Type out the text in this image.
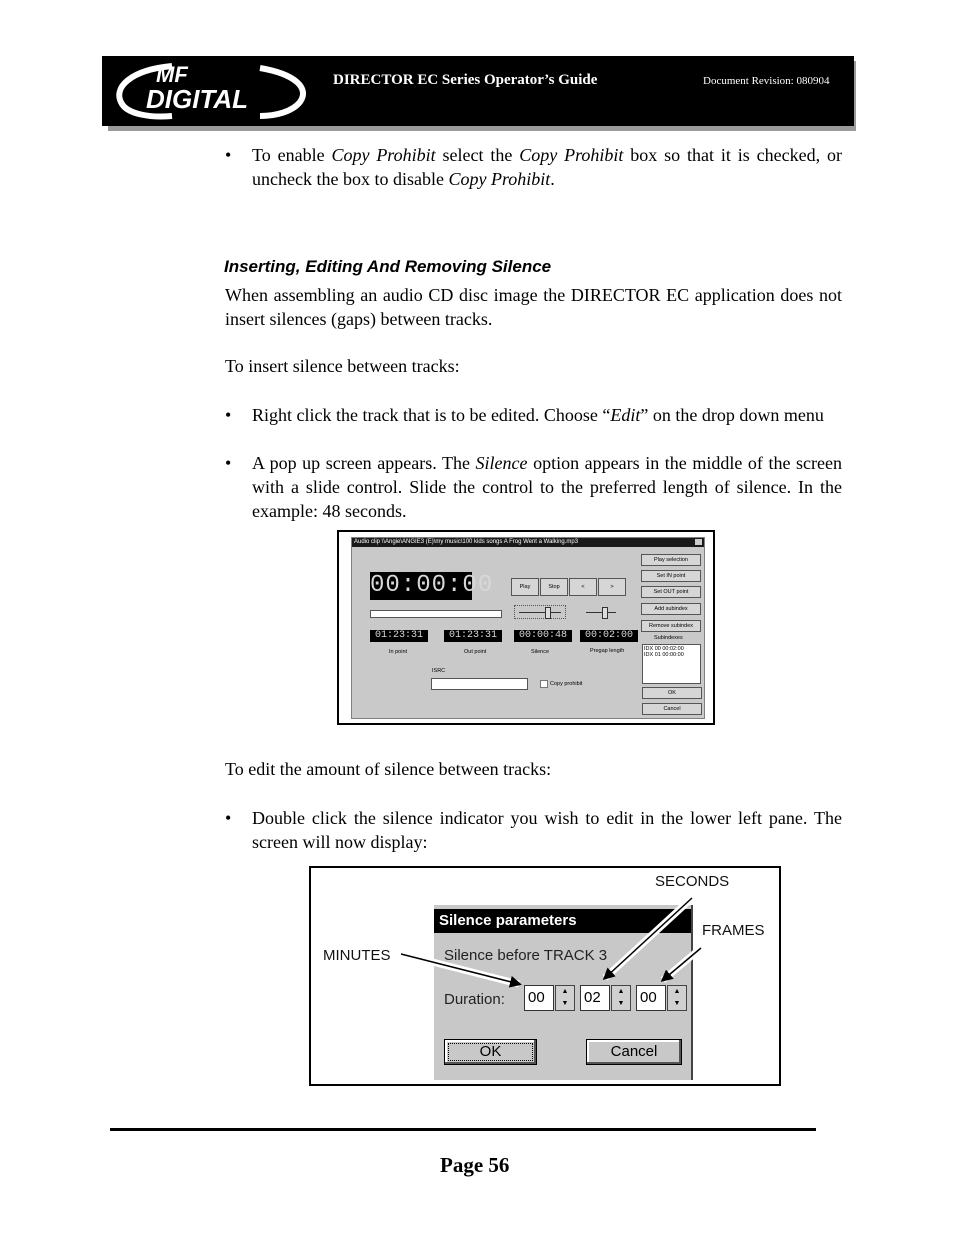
MF
DIGITAL
DIRECTOR EC Series Operator’s Guide	Document Revision: 080904
• To enable Copy Prohibit select the Copy Prohibit box so that it is checked, or uncheck the box to disable Copy Prohibit.
Inserting, Editing And Removing Silence
When assembling an audio CD disc image the DIRECTOR EC application does not insert silences (gaps) between tracks.
To insert silence between tracks:
• Right click the track that is to be edited. Choose “Edit” on the drop down menu
• A pop up screen appears. The Silence option appears in the middle of the screen with a slide control. Slide the control to the preferred length of silence. In the example: 48 seconds.
Audio clip \\Angie\ANGIE3 (E)\my music\100 kids songs A Frog Went a Walking.mp3
00:00:00	Play	Stop	<	>
Play selection
Set IN point
Set OUT point
Add subindex
Remove subindex
Subindexes
IDX 00 00:02:00
IDX 01 00:00:00
01:23:31	01:23:31	00:00:48	00:02:00
In point	Out point	Silence	Pregap length
ISRC
Copy prohibit
OK
Cancel
To edit the amount of silence between tracks:
• Double click the silence indicator you wish to edit in the lower left pane. The screen will now display:
Silence parameters
Silence before TRACK 3
Duration: 00	▲
▼	02	▲
▼	00	▲
▼
OK	Cancel
MINUTES
SECONDS
FRAMES
Page 56
